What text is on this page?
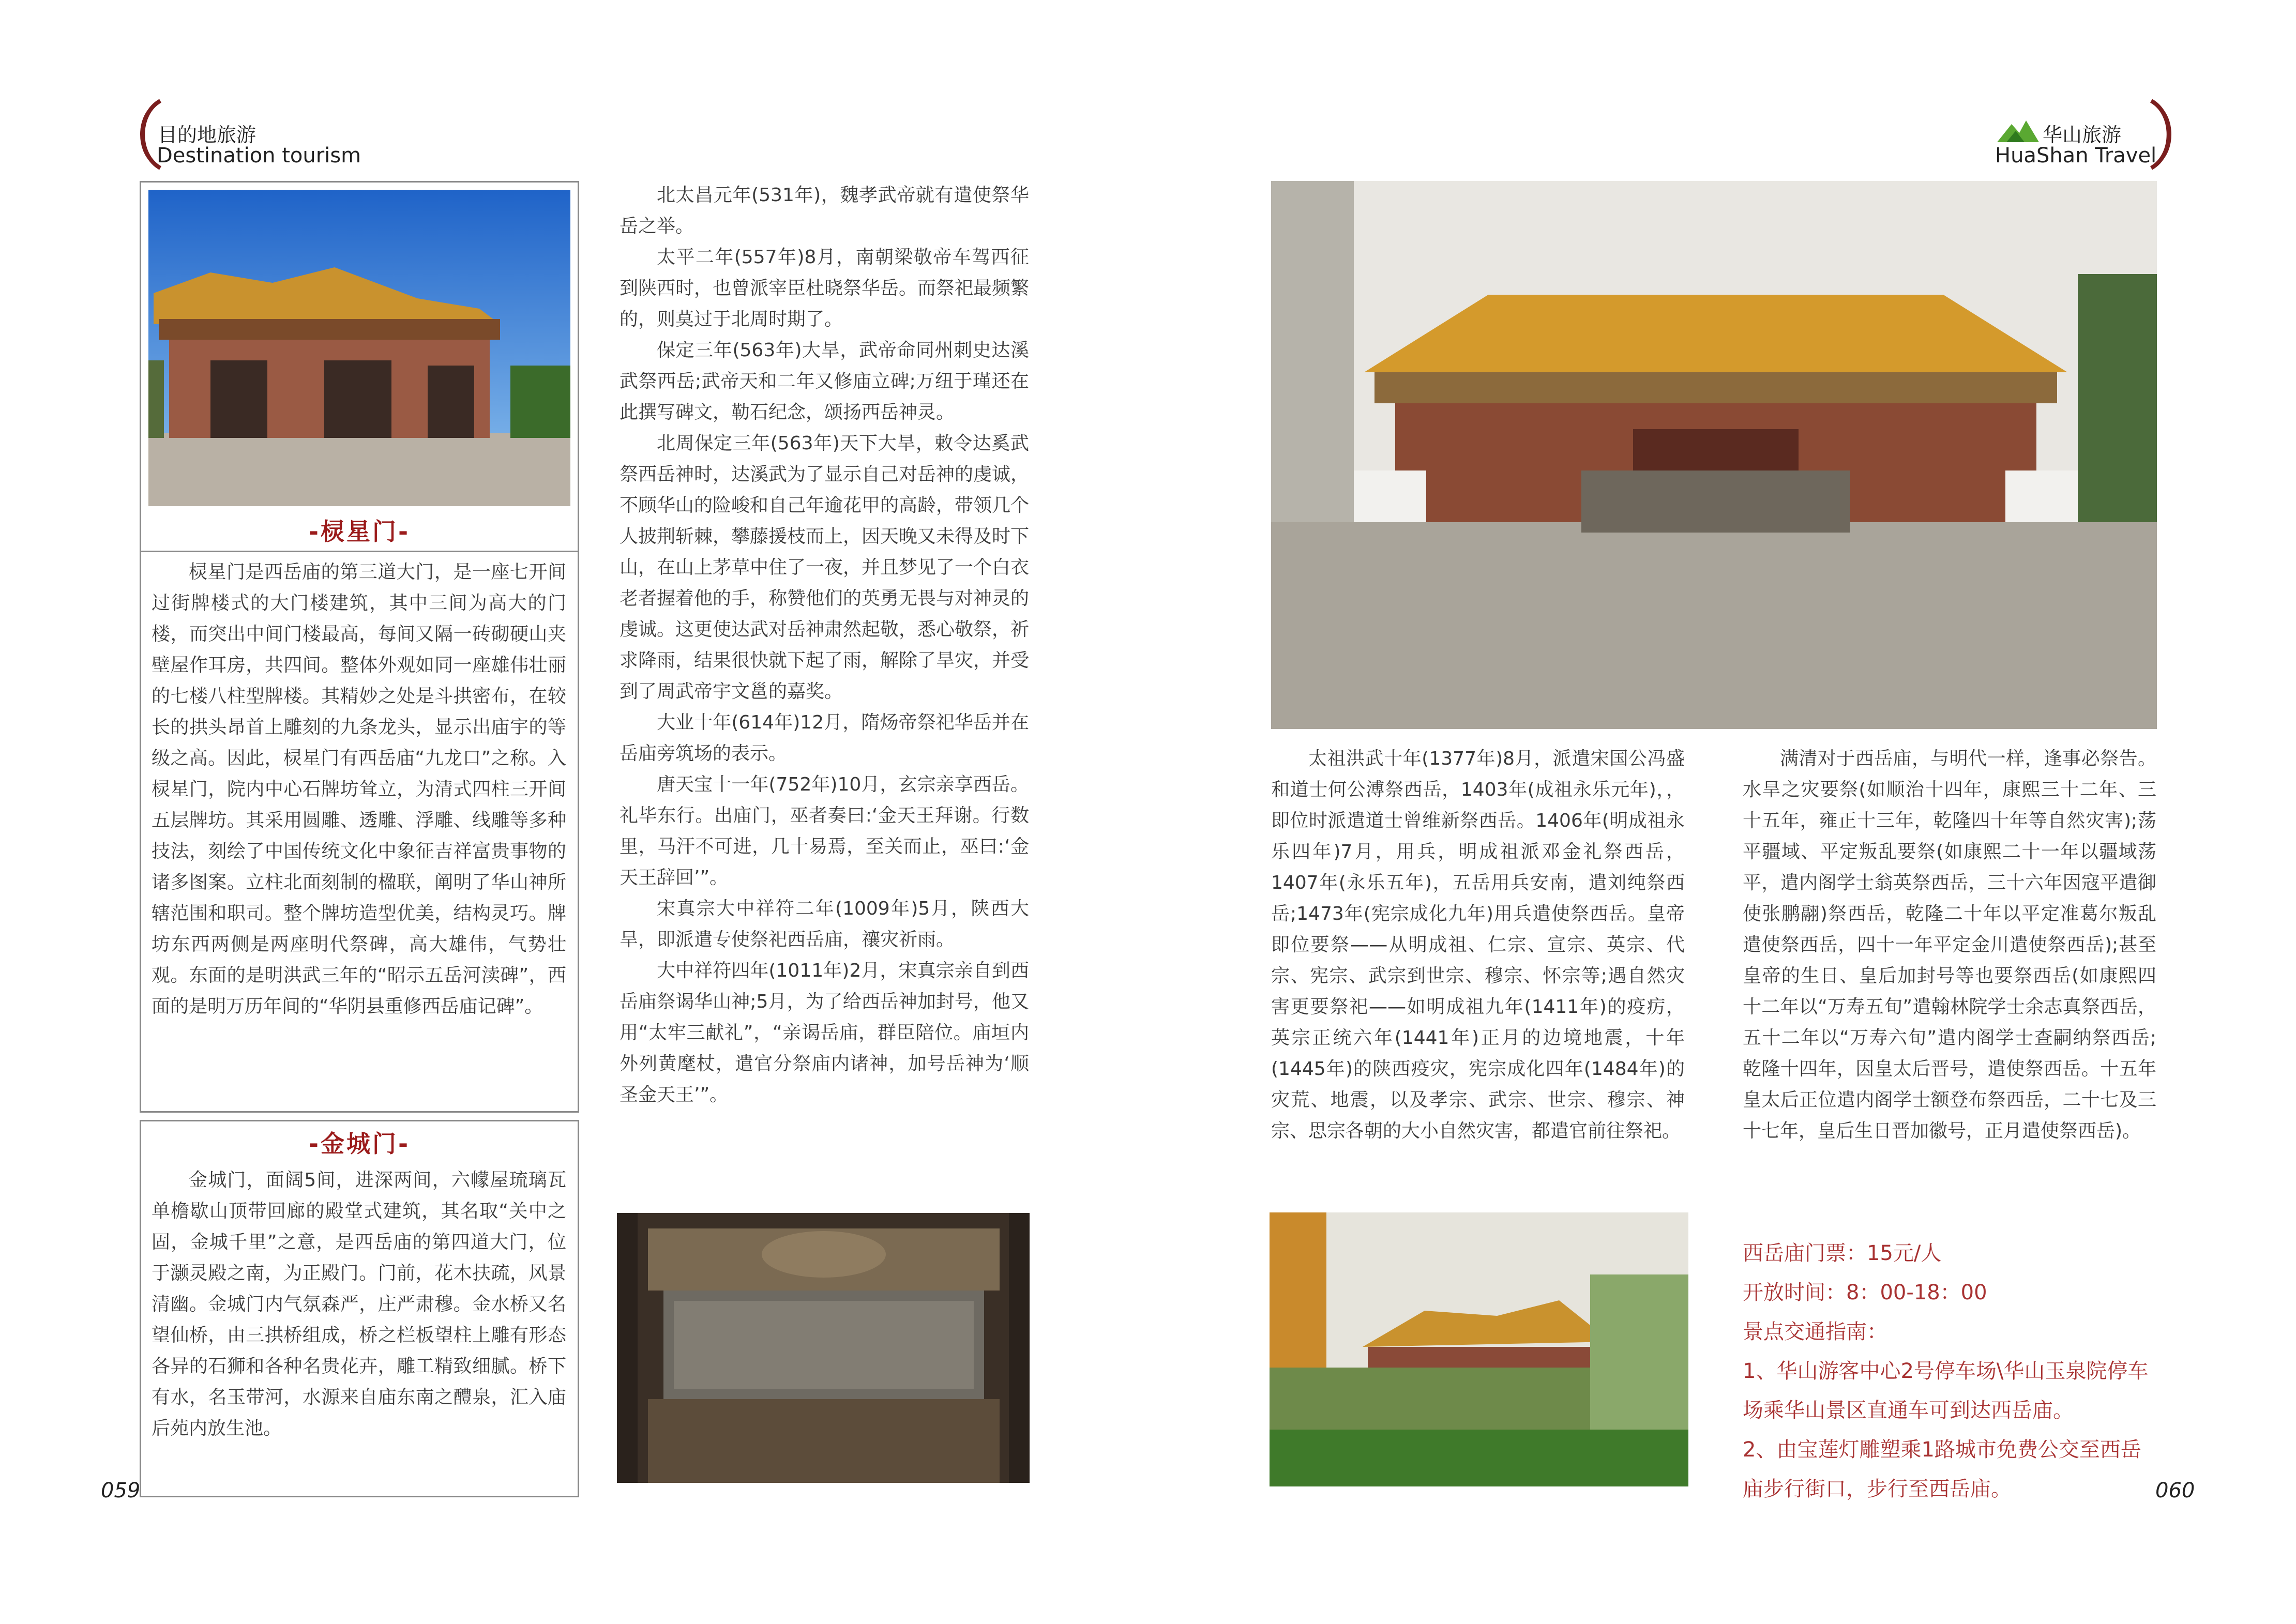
目的地旅游
Destination tourism
-棂星门-

棂星门是西岳庙的第三道大门，是一座七开间过街牌楼式的大门楼建筑，其中三间为高大的门楼，而突出中间门楼最高，每间又隔一砖砌硬山夹壁屋作耳房，共四间。整体外观如同一座雄伟壮丽的七楼八柱型牌楼。其精妙之处是斗拱密布，在较长的拱头昂首上雕刻的九条龙头，显示出庙宇的等级之高。因此，棂星门有西岳庙“九龙口”之称。入棂星门，院内中心石牌坊耸立，为清式四柱三开间五层牌坊。其采用圆雕、透雕、浮雕、线雕等多种技法，刻绘了中国传统文化中象征吉祥富贵事物的诸多图案。立柱北面刻制的楹联，阐明了华山神所辖范围和职司。整个牌坊造型优美，结构灵巧。牌坊东西两侧是两座明代祭碑，高大雄伟，气势壮观。东面的是明洪武三年的“昭示五岳河渎碑”，西面的是明万历年间的“华阴县重修西岳庙记碑”。

-金城门-

金城门，面阔5间，进深两间，六幪屋琉璃瓦单檐歇山顶带回廊的殿堂式建筑，其名取“关中之固，金城千里”之意，是西岳庙的第四道大门，位于灏灵殿之南，为正殿门。门前，花木扶疏，风景清幽。金城门内气氛森严，庄严肃穆。金水桥又名望仙桥，由三拱桥组成，桥之栏板望柱上雕有形态各异的石狮和各种名贵花卉，雕工精致细腻。桥下有水，名玉带河，水源来自庙东南之醴泉，汇入庙后苑内放生池。

059

北太昌元年(531年)，魏孝武帝就有遣使祭华岳之举。

太平二年(557年)8月，南朝梁敬帝车驾西征到陕西时，也曾派宰臣杜晓祭华岳。而祭祀最频繁的，则莫过于北周时期了。

保定三年(563年)大旱，武帝命同州刺史达溪武祭西岳;武帝天和二年又修庙立碑;万纽于瑾还在此撰写碑文，勒石纪念，颂扬西岳神灵。

北周保定三年(563年)天下大旱，敕令达奚武祭西岳神时，达溪武为了显示自己对岳神的虔诚，不顾华山的险峻和自己年逾花甲的高龄，带领几个人披荆斩棘，攀藤援枝而上，因天晚又未得及时下山，在山上茅草中住了一夜，并且梦见了一个白衣老者握着他的手，称赞他们的英勇无畏与对神灵的虔诚。这更使达武对岳神肃然起敬，悉心敬祭，祈求降雨，结果很快就下起了雨，解除了旱灾，并受到了周武帝宇文邕的嘉奖。

大业十年(614年)12月，隋炀帝祭祀华岳并在岳庙旁筑场的表示。

唐天宝十一年(752年)10月，玄宗亲享西岳。礼毕东行。出庙门，巫者奏曰:‘金天王拜谢。行数里，马汗不可进，几十易焉，至关而止，巫曰:‘金天王辞回’”。

宋真宗大中祥符二年(1009年)5月，陕西大旱，即派遣专使祭祀西岳庙，禳灾祈雨。

大中祥符四年(1011年)2月，宋真宗亲自到西岳庙祭谒华山神;5月，为了给西岳神加封号，他又用“太牢三献礼”，“亲谒岳庙，群臣陪位。庙垣内外列黄麾杖，遣官分祭庙内诸神，加号岳神为‘顺圣金天王’”。

华山旅游
HuaShan Travel

太祖洪武十年(1377年)8月，派遣宋国公冯盛和道士何公溥祭西岳，1403年(成祖永乐元年)，，即位时派遣道士曾维新祭西岳。1406年(明成祖永乐四年)7月，用兵，明成祖派邓金礼祭西岳，1407年(永乐五年)，五岳用兵安南，遣刘纯祭西岳;1473年(宪宗成化九年)用兵遣使祭西岳。皇帝即位要祭——从明成祖、仁宗、宣宗、英宗、代宗、宪宗、武宗到世宗、穆宗、怀宗等;遇自然灾害更要祭祀——如明成祖九年(1411年)的疫疠，英宗正统六年(1441年)正月的边境地震，十年(1445年)的陕西疫灾，宪宗成化四年(1484年)的灾荒、地震，以及孝宗、武宗、世宗、穆宗、神宗、思宗各朝的大小自然灾害，都遣官前往祭祀。

满清对于西岳庙，与明代一样，逢事必祭告。水旱之灾要祭(如顺治十四年，康熙三十二年、三十五年，雍正十三年，乾隆四十年等自然灾害);荡平疆域、平定叛乱要祭(如康熙二十一年以疆域荡平，遣内阁学士翁英祭西岳，三十六年因寇平遣御使张鹏翮)祭西岳，乾隆二十年以平定准葛尔叛乱遣使祭西岳，四十一年平定金川遣使祭西岳);甚至皇帝的生日、皇后加封号等也要祭西岳(如康熙四十二年以“万寿五旬”遣翰林院学士余志真祭西岳，五十二年以“万寿六旬”遣内阁学士查嗣纳祭西岳;乾隆十四年，因皇太后晋号，遣使祭西岳。十五年皇太后正位遣内阁学士额登布祭西岳，二十七及三十七年，皇后生日晋加徽号，正月遣使祭西岳)。

西岳庙门票：15元/人
开放时间：8：00-18：00
景点交通指南：
1、华山游客中心2号停车场\华山玉泉院停车场乘华山景区直通车可到达西岳庙。
2、由宝莲灯雕塑乘1路城市免费公交至西岳庙步行街口，步行至西岳庙。	060
